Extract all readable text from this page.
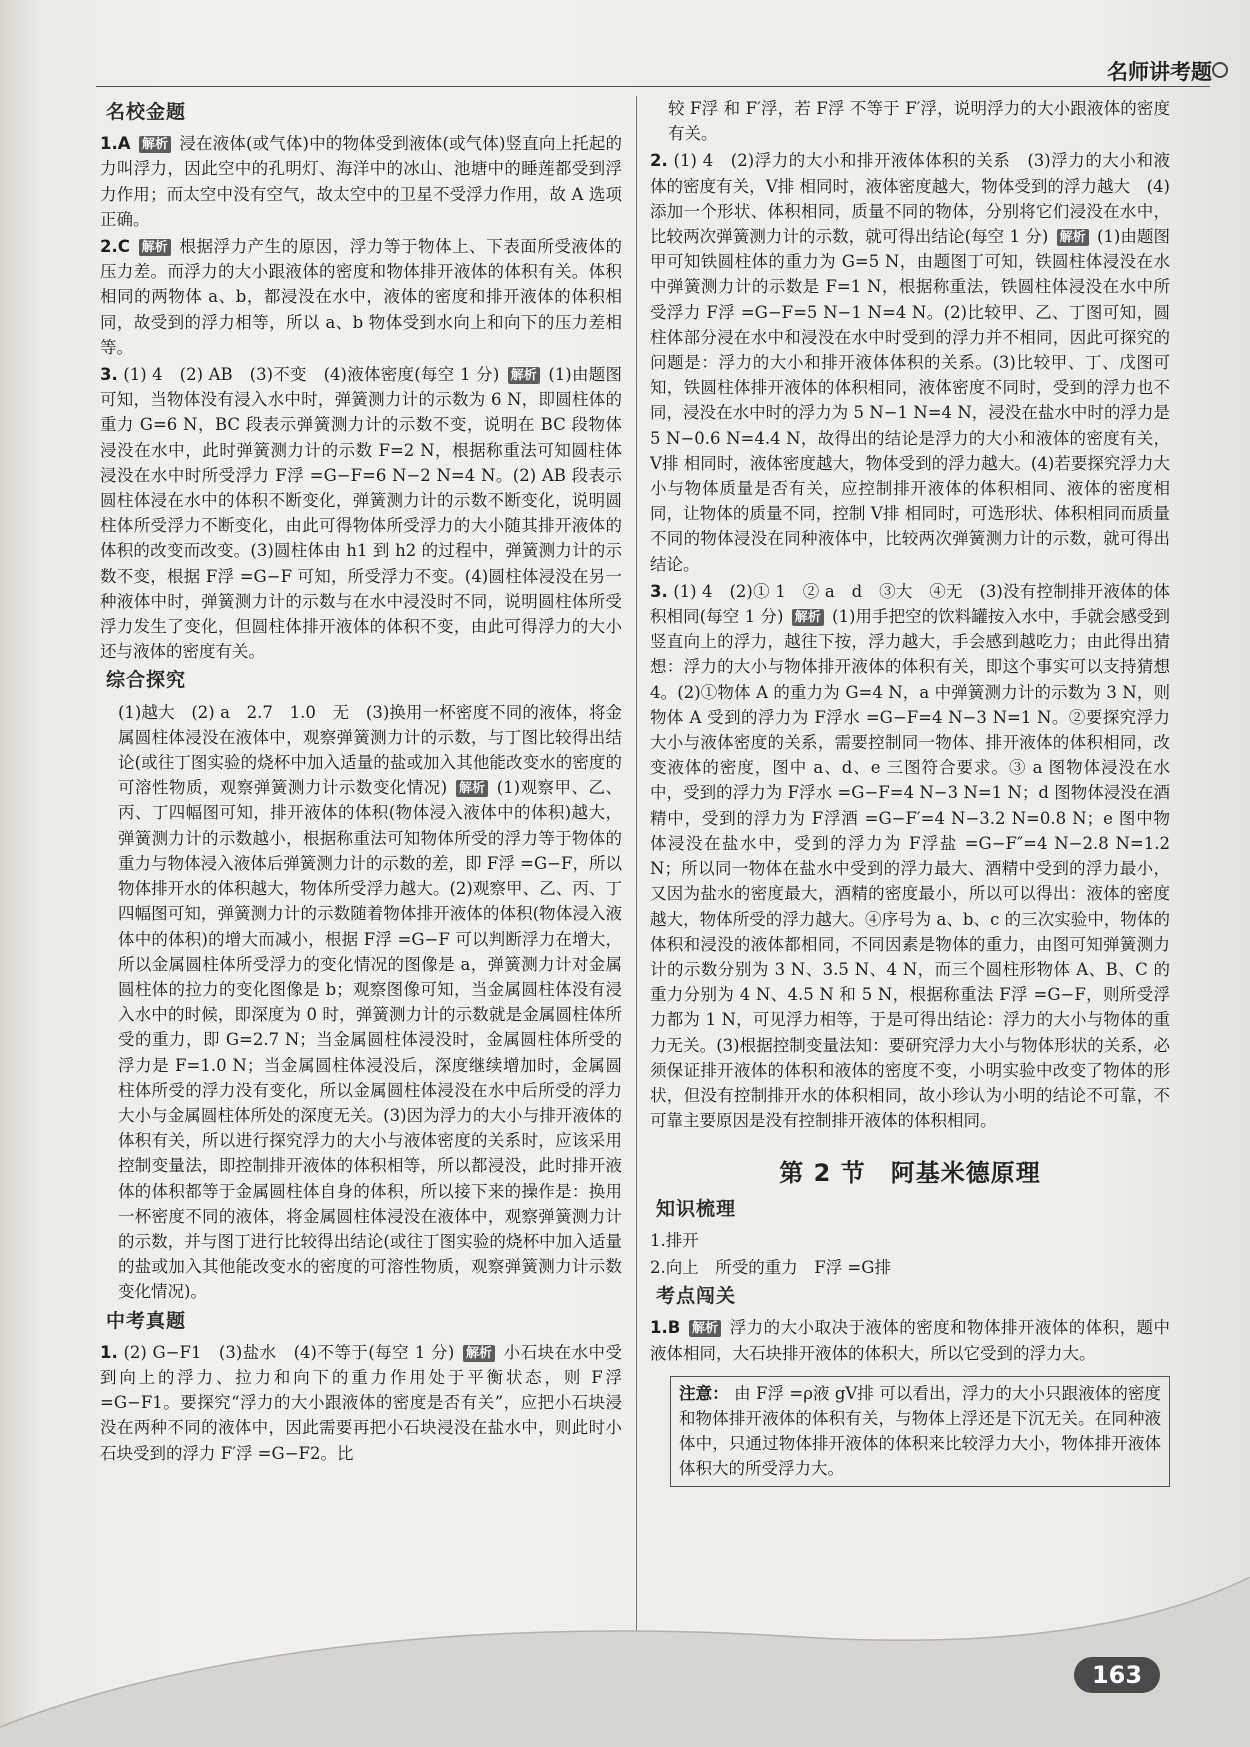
名师讲考题
名校金题

1.A 解析 浸在液体(或气体)中的物体受到液体(或气体)竖直向上托起的力叫浮力，因此空中的孔明灯、海洋中的冰山、池塘中的睡莲都受到浮力作用；而太空中没有空气，故太空中的卫星不受浮力作用，故 A 选项正确。

2.C 解析 根据浮力产生的原因，浮力等于物体上、下表面所受液体的压力差。而浮力的大小跟液体的密度和物体排开液体的体积有关。体积相同的两物体 a、b，都浸没在水中，液体的密度和排开液体的体积相同，故受到的浮力相等，所以 a、b 物体受到水向上和向下的压力差相等。

3. (1) 4　(2) AB　(3)不变　(4)液体密度(每空 1 分) 解析 (1)由题图可知，当物体没有浸入水中时，弹簧测力计的示数为 6 N，即圆柱体的重力 G=6 N，BC 段表示弹簧测力计的示数不变，说明在 BC 段物体浸没在水中，此时弹簧测力计的示数 F=2 N，根据称重法可知圆柱体浸没在水中时所受浮力 F浮 =G−F=6 N−2 N=4 N。(2) AB 段表示圆柱体浸在水中的体积不断变化，弹簧测力计的示数不断变化，说明圆柱体所受浮力不断变化，由此可得物体所受浮力的大小随其排开液体的体积的改变而改变。(3)圆柱体由 h1 到 h2 的过程中，弹簧测力计的示数不变，根据 F浮 =G−F 可知，所受浮力不变。(4)圆柱体浸没在另一种液体中时，弹簧测力计的示数与在水中浸没时不同，说明圆柱体所受浮力发生了变化，但圆柱体排开液体的体积不变，由此可得浮力的大小还与液体的密度有关。

综合探究

(1)越大　(2) a　2.7　1.0　无　(3)换用一杯密度不同的液体，将金属圆柱体浸没在液体中，观察弹簧测力计的示数，与丁图比较得出结论(或往丁图实验的烧杯中加入适量的盐或加入其他能改变水的密度的可溶性物质，观察弹簧测力计示数变化情况) 解析 (1)观察甲、乙、丙、丁四幅图可知，排开液体的体积(物体浸入液体中的体积)越大，弹簧测力计的示数越小，根据称重法可知物体所受的浮力等于物体的重力与物体浸入液体后弹簧测力计的示数的差，即 F浮 =G−F，所以物体排开水的体积越大，物体所受浮力越大。(2)观察甲、乙、丙、丁四幅图可知，弹簧测力计的示数随着物体排开液体的体积(物体浸入液体中的体积)的增大而减小，根据 F浮 =G−F 可以判断浮力在增大，所以金属圆柱体所受浮力的变化情况的图像是 a，弹簧测力计对金属圆柱体的拉力的变化图像是 b；观察图像可知，当金属圆柱体没有浸入水中的时候，即深度为 0 时，弹簧测力计的示数就是金属圆柱体所受的重力，即 G=2.7 N；当金属圆柱体浸没时，金属圆柱体所受的浮力是 F=1.0 N；当金属圆柱体浸没后，深度继续增加时，金属圆柱体所受的浮力没有变化，所以金属圆柱体浸没在水中后所受的浮力大小与金属圆柱体所处的深度无关。(3)因为浮力的大小与排开液体的体积有关，所以进行探究浮力的大小与液体密度的关系时，应该采用控制变量法，即控制排开液体的体积相等，所以都浸没，此时排开液体的体积都等于金属圆柱体自身的体积，所以接下来的操作是：换用一杯密度不同的液体，将金属圆柱体浸没在液体中，观察弹簧测力计的示数，并与图丁进行比较得出结论(或往丁图实验的烧杯中加入适量的盐或加入其他能改变水的密度的可溶性物质，观察弹簧测力计示数变化情况)。

中考真题

1. (2) G−F1　(3)盐水　(4)不等于(每空 1 分) 解析 小石块在水中受到向上的浮力、拉力和向下的重力作用处于平衡状态，则 F浮 =G−F1。要探究“浮力的大小跟液体的密度是否有关”，应把小石块浸没在两种不同的液体中，因此需要再把小石块浸没在盐水中，则此时小石块受到的浮力 F′浮 =G−F2。比

较 F浮 和 F′浮，若 F浮 不等于 F′浮，说明浮力的大小跟液体的密度有关。

2. (1) 4　(2)浮力的大小和排开液体体积的关系　(3)浮力的大小和液体的密度有关，V排 相同时，液体密度越大，物体受到的浮力越大　(4)添加一个形状、体积相同，质量不同的物体，分别将它们浸没在水中，比较两次弹簧测力计的示数，就可得出结论(每空 1 分) 解析 (1)由题图甲可知铁圆柱体的重力为 G=5 N，由题图丁可知，铁圆柱体浸没在水中弹簧测力计的示数是 F=1 N，根据称重法，铁圆柱体浸没在水中所受浮力 F浮 =G−F=5 N−1 N=4 N。(2)比较甲、乙、丁图可知，圆柱体部分浸在水中和浸没在水中时受到的浮力并不相同，因此可探究的问题是：浮力的大小和排开液体体积的关系。(3)比较甲、丁、戊图可知，铁圆柱体排开液体的体积相同，液体密度不同时，受到的浮力也不同，浸没在水中时的浮力为 5 N−1 N=4 N，浸没在盐水中时的浮力是 5 N−0.6 N=4.4 N，故得出的结论是浮力的大小和液体的密度有关，V排 相同时，液体密度越大，物体受到的浮力越大。(4)若要探究浮力大小与物体质量是否有关，应控制排开液体的体积相同、液体的密度相同，让物体的质量不同，控制 V排 相同时，可选形状、体积相同而质量不同的物体浸没在同种液体中，比较两次弹簧测力计的示数，就可得出结论。

3. (1) 4　(2)① 1　② a　d　③大　④无　(3)没有控制排开液体的体积相同(每空 1 分) 解析 (1)用手把空的饮料罐按入水中，手就会感受到竖直向上的浮力，越往下按，浮力越大，手会感到越吃力；由此得出猜想：浮力的大小与物体排开液体的体积有关，即这个事实可以支持猜想 4。(2)①物体 A 的重力为 G=4 N，a 中弹簧测力计的示数为 3 N，则物体 A 受到的浮力为 F浮水 =G−F=4 N−3 N=1 N。②要探究浮力大小与液体密度的关系，需要控制同一物体、排开液体的体积相同，改变液体的密度，图中 a、d、e 三图符合要求。③ a 图物体浸没在水中，受到的浮力为 F浮水 =G−F=4 N−3 N=1 N；d 图物体浸没在酒精中，受到的浮力为 F浮酒 =G−F′=4 N−3.2 N=0.8 N；e 图中物体浸没在盐水中，受到的浮力为 F浮盐 =G−F″=4 N−2.8 N=1.2 N；所以同一物体在盐水中受到的浮力最大、酒精中受到的浮力最小，又因为盐水的密度最大，酒精的密度最小，所以可以得出：液体的密度越大，物体所受的浮力越大。④序号为 a、b、c 的三次实验中，物体的体积和浸没的液体都相同，不同因素是物体的重力，由图可知弹簧测力计的示数分别为 3 N、3.5 N、4 N，而三个圆柱形物体 A、B、C 的重力分别为 4 N、4.5 N 和 5 N，根据称重法 F浮 =G−F，则所受浮力都为 1 N，可见浮力相等，于是可得出结论：浮力的大小与物体的重力无关。(3)根据控制变量法知：要研究浮力大小与物体形状的关系，必须保证排开液体的体积和液体的密度不变，小明实验中改变了物体的形状，但没有控制排开水的体积相同，故小珍认为小明的结论不可靠，不可靠主要原因是没有控制排开液体的体积相同。

第 2 节　阿基米德原理
知识梳理

1.排开

2.向上　所受的重力　F浮 =G排

考点闯关

1.B 解析 浮力的大小取决于液体的密度和物体排开液体的体积，题中液体相同，大石块排开液体的体积大，所以它受到的浮力大。

注意： 由 F浮 =ρ液 gV排 可以看出，浮力的大小只跟液体的密度和物体排开液体的体积有关，与物体上浮还是下沉无关。在同种液体中，只通过物体排开液体的体积来比较浮力大小，物体排开液体体积大的所受浮力大。
163
